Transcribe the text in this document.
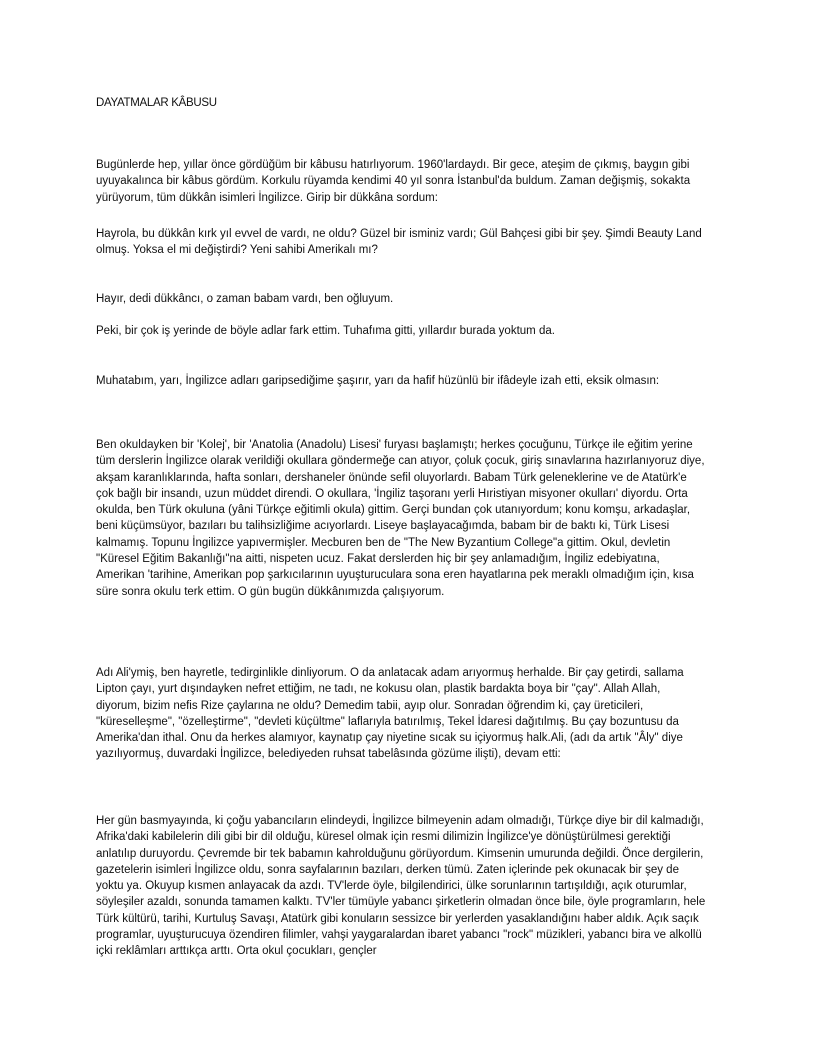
DAYATMALAR KÂBUSU

Bugünlerde hep, yıllar önce gördüğüm bir kâbusu hatırlıyorum. 1960'lardaydı. Bir gece, ateşim de çıkmış, baygın gibi uyuyakalınca bir kâbus gördüm. Korkulu rüyamda kendimi 40 yıl sonra İstanbul'da buldum. Zaman değişmiş, sokakta yürüyorum, tüm dükkân isimleri İngilizce. Girip bir dükkâna sordum:

Hayrola, bu dükkân kırk yıl evvel de vardı, ne oldu? Güzel bir isminiz vardı; Gül Bahçesi gibi bir şey. Şimdi Beauty Land olmuş. Yoksa el mi değiştirdi? Yeni sahibi Amerikalı mı?

Hayır, dedi dükkâncı, o zaman babam vardı, ben oğluyum.

Peki, bir çok iş yerinde de böyle adlar fark ettim. Tuhafıma gitti, yıllardır burada yoktum da.

Muhatabım, yarı, İngilizce adları garipsediğime şaşırır, yarı da hafif hüzünlü bir ifâdeyle izah etti, eksik olmasın:

Ben okuldayken bir 'Kolej', bir 'Anatolia (Anadolu) Lisesi' furyası başlamıştı; herkes çocuğunu, Türkçe ile eğitim yerine tüm derslerin İngilizce olarak verildiği okullara göndermeğe can atıyor, çoluk çocuk, giriş sınavlarına hazırlanıyoruz diye, akşam karanlıklarında, hafta sonları, dershaneler önünde sefil oluyorlardı. Babam Türk geleneklerine ve de Atatürk'e çok bağlı bir insandı, uzun müddet direndi. O okullara, 'İngiliz taşoranı yerli Hıristiyan misyoner okulları' diyordu. Orta okulda, ben Türk okuluna (yâni Türkçe eğitimli okula) gittim. Gerçi bundan çok utanıyordum; konu komşu, arkadaşlar, beni küçümsüyor, bazıları bu talihsizliğime acıyorlardı. Liseye başlayacağımda, babam bir de baktı ki, Türk Lisesi kalmamış. Topunu İngilizce yapıvermişler. Mecburen ben de "The New Byzantium College"a gittim. Okul, devletin "Küresel Eğitim Bakanlığı"na aitti, nispeten ucuz. Fakat derslerden hiç bir şey anlamadığım, İngiliz edebiyatına, Amerikan 'tarihine, Amerikan pop şarkıcılarının uyuşturuculara sona eren hayatlarına pek meraklı olmadığım için, kısa süre sonra okulu terk ettim. O gün bugün dükkânımızda çalışıyorum.

Adı Ali'ymiş, ben hayretle, tedirginlikle dinliyorum. O da anlatacak adam arıyormuş herhalde. Bir çay getirdi, sallama Lipton çayı, yurt dışındayken nefret ettiğim, ne tadı, ne kokusu olan, plastik bardakta boya bir "çay". Allah Allah, diyorum, bizim nefis Rize çaylarına ne oldu? Demedim tabii, ayıp olur. Sonradan öğrendim ki, çay üreticileri, "küreselleşme", "özelleştirme", "devleti küçültme" laflarıyla batırılmış, Tekel İdaresi dağıtılmış. Bu çay bozuntusu da Amerika'dan ithal. Onu da herkes alamıyor, kaynatıp çay niyetine sıcak su içiyormuş halk.Ali, (adı da artık "Âly" diye yazılıyormuş, duvardaki İngilizce, belediyeden ruhsat tabelâsında gözüme ilişti), devam etti:

Her gün basmyayında, ki çoğu yabancıların elindeydi, İngilizce bilmeyenin adam olmadığı, Türkçe diye bir dil kalmadığı, Afrika'daki kabilelerin dili gibi bir dil olduğu, küresel olmak için resmi dilimizin İngilizce'ye dönüştürülmesi gerektiği anlatılıp duruyordu. Çevremde bir tek babamın kahrolduğunu görüyordum. Kimsenin umurunda değildi. Önce dergilerin, gazetelerin isimleri İngilizce oldu, sonra sayfalarının bazıları, derken tümü. Zaten içlerinde pek okunacak bir şey de yoktu ya. Okuyup kısmen anlayacak da azdı. TV'lerde öyle, bilgilendirici, ülke sorunlarının tartışıldığı, açık oturumlar, söyleşiler azaldı, sonunda tamamen kalktı. TV'ler tümüyle yabancı şirketlerin olmadan önce bile, öyle programların, hele Türk kültürü, tarihi, Kurtuluş Savaşı, Atatürk gibi konuların sessizce bir yerlerden yasaklandığını haber aldık. Açık saçık programlar, uyuşturucuya özendiren filimler, vahşi yaygaralardan ibaret yabancı "rock" müzikleri, yabancı bira ve alkollü içki reklâmları arttıkça arttı. Orta okul çocukları, gençler
